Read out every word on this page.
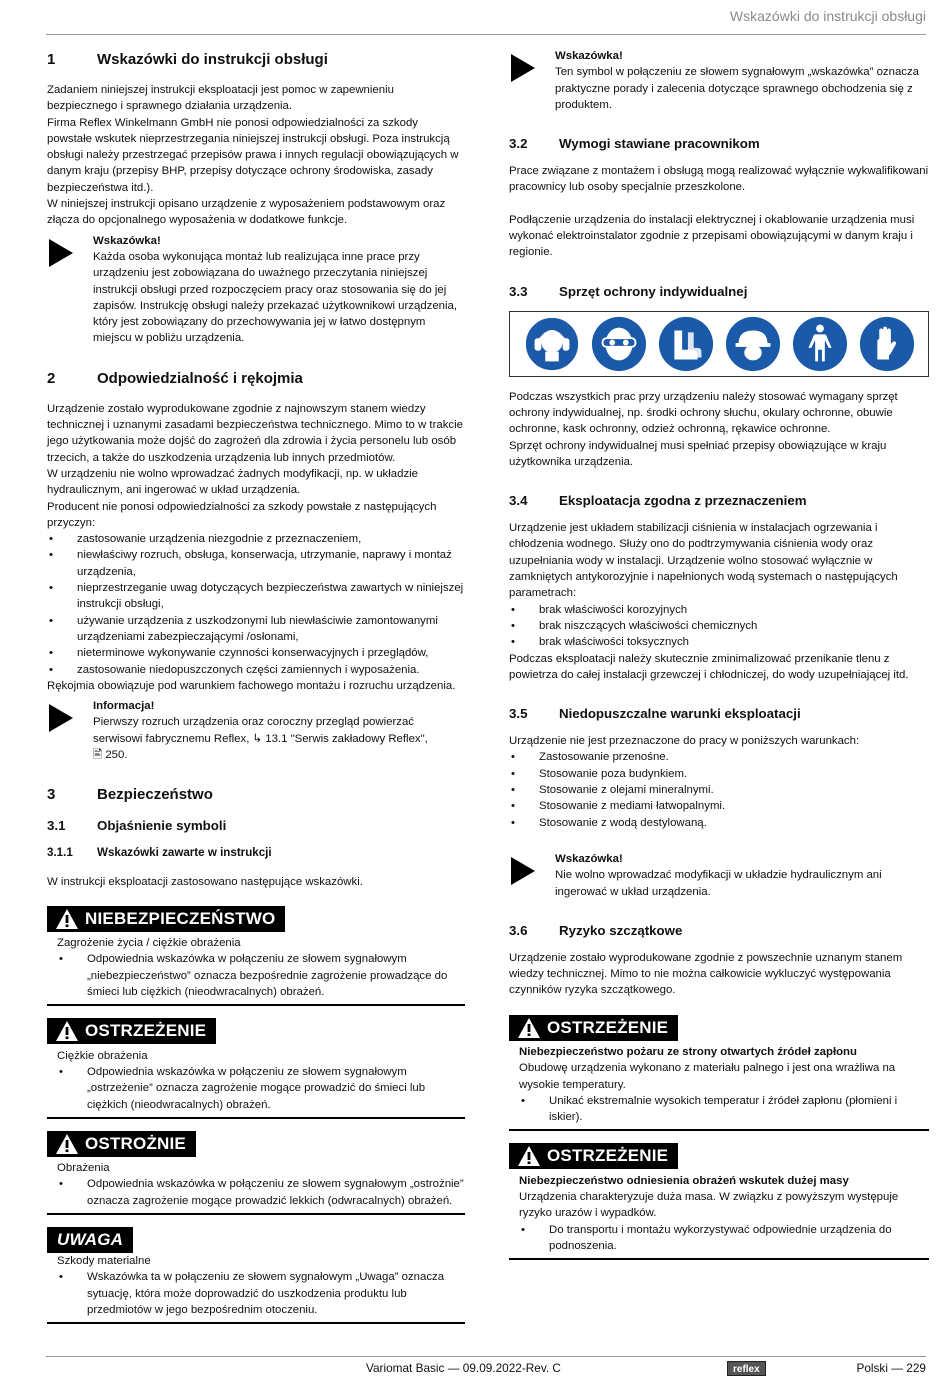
Wskazówki do instrukcji obsługi
1	Wskazówki do instrukcji obsługi

Zadaniem niniejszej instrukcji eksploatacji jest pomoc w zapewnieniu bezpiecznego i sprawnego działania urządzenia.

Firma Reflex Winkelmann GmbH nie ponosi odpowiedzialności za szkody powstałe wskutek nieprzestrzegania niniejszej instrukcji obsługi. Poza instrukcją obsługi należy przestrzegać przepisów prawa i innych regulacji obowiązujących w danym kraju (przepisy BHP, przepisy dotyczące ochrony środowiska, zasady bezpieczeństwa itd.).

W niniejszej instrukcji opisano urządzenie z wyposażeniem podstawowym oraz złącza do opcjonalnego wyposażenia w dodatkowe funkcje.

Wskazówka!
Każda osoba wykonująca montaż lub realizująca inne prace przy urządzeniu jest zobowiązana do uważnego przeczytania niniejszej instrukcji obsługi przed rozpoczęciem pracy oraz stosowania się do jej zapisów. Instrukcję obsługi należy przekazać użytkownikowi urządzenia, który jest zobowiązany do przechowywania jej w łatwo dostępnym miejscu w pobliżu urządzenia.
2	Odpowiedzialność i rękojmia

Urządzenie zostało wyprodukowane zgodnie z najnowszym stanem wiedzy technicznej i uznanymi zasadami bezpieczeństwa technicznego. Mimo to w trakcie jego użytkowania może dojść do zagrożeń dla zdrowia i życia personelu lub osób trzecich, a także do uszkodzenia urządzenia lub innych przedmiotów.

W urządzeniu nie wolno wprowadzać żadnych modyfikacji, np. w układzie hydraulicznym, ani ingerować w układ urządzenia.

Producent nie ponosi odpowiedzialności za szkody powstałe z następujących przyczyn:

• zastosowanie urządzenia niezgodnie z przeznaczeniem,
• niewłaściwy rozruch, obsługa, konserwacja, utrzymanie, naprawy i montaż urządzenia,
• nieprzestrzeganie uwag dotyczących bezpieczeństwa zawartych w niniejszej instrukcji obsługi,
• używanie urządzenia z uszkodzonymi lub niewłaściwie zamontowanymi urządzeniami zabezpieczającymi /osłonami,
• nieterminowe wykonywanie czynności konserwacyjnych i przeglądów,
• zastosowanie niedopuszczonych części zamiennych i wyposażenia.

Rękojmia obowiązuje pod warunkiem fachowego montażu i rozruchu urządzenia.

Informacja!
Pierwszy rozruch urządzenia oraz coroczny przegląd powierzać serwisowi fabrycznemu Reflex, ↳ 13.1 "Serwis zakładowy Reflex",
🖹 250.
3	Bezpieczeństwo
3.1	Objaśnienie symboli
3.1.1	Wskazówki zawarte w instrukcji

W instrukcji eksploatacji zastosowano następujące wskazówki.

NIEBEZPIECZEŃSTWO
Zagrożenie życia / ciężkie obrażenia
• Odpowiednia wskazówka w połączeniu ze słowem sygnałowym „niebezpieczeństwo” oznacza bezpośrednie zagrożenie prowadzące do śmieci lub ciężkich (nieodwracalnych) obrażeń.
OSTRZEŻENIE
Ciężkie obrażenia
• Odpowiednia wskazówka w połączeniu ze słowem sygnałowym „ostrzeżenie” oznacza zagrożenie mogące prowadzić do śmieci lub ciężkich (nieodwracalnych) obrażeń.
OSTROŻNIE
Obrażenia
• Odpowiednia wskazówka w połączeniu ze słowem sygnałowym „ostrożnie” oznacza zagrożenie mogące prowadzić lekkich (odwracalnych) obrażeń.
UWAGA
Szkody materialne
• Wskazówka ta w połączeniu ze słowem sygnałowym „Uwaga” oznacza sytuację, która może doprowadzić do uszkodzenia produktu lub przedmiotów w jego bezpośrednim otoczeniu.
Wskazówka!
Ten symbol w połączeniu ze słowem sygnałowym „wskazówka” oznacza praktyczne porady i zalecenia dotyczące sprawnego obchodzenia się z produktem.
3.2	Wymogi stawiane pracownikom

Prace związane z montażem i obsługą mogą realizować wyłącznie wykwalifikowani pracownicy lub osoby specjalnie przeszkolone.

Podłączenie urządzenia do instalacji elektrycznej i okablowanie urządzenia musi wykonać elektroinstalator zgodnie z przepisami obowiązującymi w danym kraju i regionie.

3.3	Sprzęt ochrony indywidualnej

Podczas wszystkich prac przy urządzeniu należy stosować wymagany sprzęt ochrony indywidualnej, np. środki ochrony słuchu, okulary ochronne, obuwie ochronne, kask ochronny, odzież ochronną, rękawice ochronne.

Sprzęt ochrony indywidualnej musi spełniać przepisy obowiązujące w kraju użytkownika urządzenia.

3.4	Eksploatacja zgodna z przeznaczeniem

Urządzenie jest układem stabilizacji ciśnienia w instalacjach ogrzewania i chłodzenia wodnego. Służy ono do podtrzymywania ciśnienia wody oraz uzupełniania wody w instalacji. Urządzenie wolno stosować wyłącznie w zamkniętych antykorozyjnie i napełnionych wodą systemach o następujących parametrach:

• brak właściwości korozyjnych
• brak niszczących właściwości chemicznych
• brak właściwości toksycznych

Podczas eksploatacji należy skutecznie zminimalizować przenikanie tlenu z powietrza do całej instalacji grzewczej i chłodniczej, do wody uzupełniającej itd.

3.5	Niedopuszczalne warunki eksploatacji

Urządzenie nie jest przeznaczone do pracy w poniższych warunkach:

• Zastosowanie przenośne.
• Stosowanie poza budynkiem.
• Stosowanie z olejami mineralnymi.
• Stosowanie z mediami łatwopalnymi.
• Stosowanie z wodą destylowaną.
Wskazówka!
Nie wolno wprowadzać modyfikacji w układzie hydraulicznym ani ingerować w układ urządzenia.
3.6	Ryzyko szczątkowe

Urządzenie zostało wyprodukowane zgodnie z powszechnie uznanym stanem wiedzy technicznej. Mimo to nie można całkowicie wykluczyć występowania czynników ryzyka szczątkowego.

OSTRZEŻENIE
Niebezpieczeństwo pożaru ze strony otwartych źródeł zapłonu
Obudowę urządzenia wykonano z materiału palnego i jest ona wrażliwa na wysokie temperatury.
• Unikać ekstremalnie wysokich temperatur i źródeł zapłonu (płomieni i iskier).
OSTRZEŻENIE
Niebezpieczeństwo odniesienia obrażeń wskutek dużej masy
Urządzenia charakteryzuje duża masa. W związku z powyższym występuje ryzyko urazów i wypadków.
• Do transportu i montażu wykorzystywać odpowiednie urządzenia do podnoszenia.
Variomat Basic — 09.09.2022-Rev. C	reflex	Polski — 229
